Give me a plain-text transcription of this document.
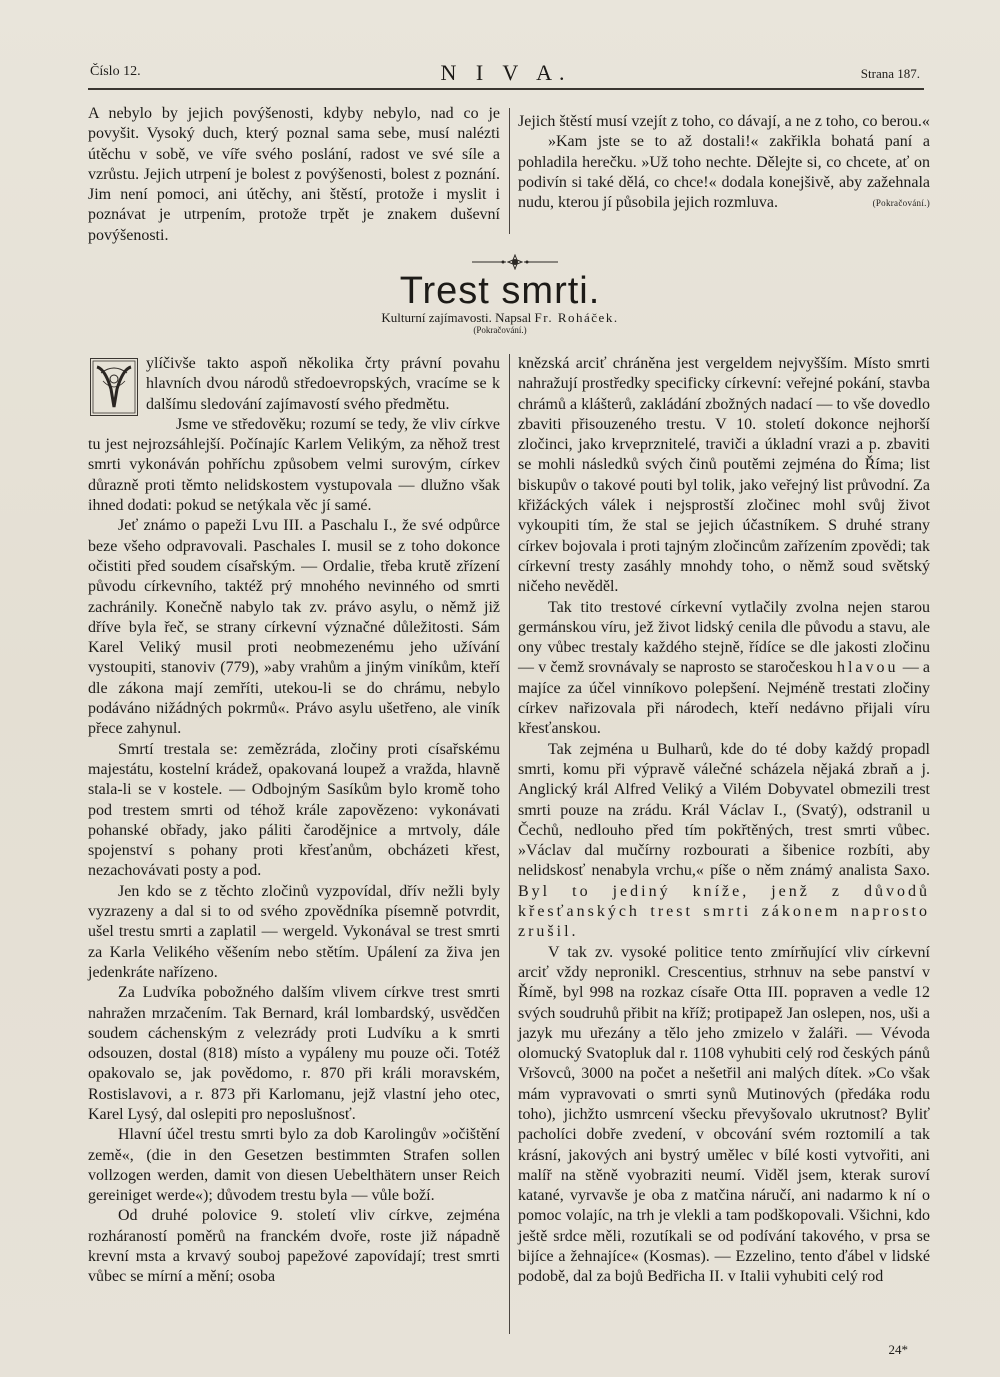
Číslo 12.	N I V A.	Strana 187.

A nebylo by jejich povýšenosti, kdyby nebylo, nad co je povyšit. Vysoký duch, který poznal sama sebe, musí nalézti útěchu v sobě, ve víře svého poslání, radost ve své síle a vzrůstu. Jejich utrpení je bolest z povýšenosti, bolest z poznání. Jim není pomoci, ani útěchy, ani štěstí, protože i myslit i poznávat je utrpením, protože trpět je znakem duševní povýšenosti.

Jejich štěstí musí vzejít z toho, co dávají, a ne z toho, co berou.«

»Kam jste se to až dostali!« zakřikla bohatá paní a pohladila herečku. »Už toho nechte. Dělejte si, co chcete, ať on podivín si také dělá, co chce!« dodala konejšivě, aby zažehnala nudu, kterou jí působila jejich rozmluva.	(Pokračování.)

Trest smrti.
Kulturní zajímavosti. Napsal Fr. Roháček.
(Pokračování.)

ylíčivše takto aspoň několika črty právní povahu hlavních dvou národů středoevropských, vracíme se k dalšímu sledování zajímavostí svého předmětu.

Jsme ve středověku; rozumí se tedy, že vliv církve tu jest nejrozsáhlejší. Počínajíc Karlem Velikým, za něhož trest smrti vykonáván pohříchu způsobem velmi surovým, církev důrazně proti těmto nelidskostem vystupovala — dlužno však ihned dodati: pokud se netýkala věc jí samé.

Jeť známo o papeži Lvu III. a Paschalu I., že své odpůrce beze všeho odpravovali. Paschales I. musil se z toho dokonce očistiti před soudem císařským. — Ordalie, třeba krutě zřízení původu církevního, taktéž prý mnohého nevinného od smrti zachránily. Konečně nabylo tak zv. právo asylu, o němž již dříve byla řeč, se strany církevní význačné důležitosti. Sám Karel Veliký musil proti neobmezenému jeho užívání vystoupiti, stanoviv (779), »aby vrahům a jiným viníkům, kteří dle zákona mají zemříti, utekou-li se do chrámu, nebylo podáváno nižádných pokrmů«. Právo asylu ušetřeno, ale viník přece zahynul.

Smrtí trestala se: zemězráda, zločiny proti císařskému majestátu, kostelní krádež, opakovaná loupež a vražda, hlavně stala-li se v kostele. — Odbojným Sasíkům bylo kromě toho pod trestem smrti od téhož krále zapovězeno: vykonávati pohanské obřady, jako páliti čarodějnice a mrtvoly, dále spojenství s pohany proti křesťanům, obcházeti křest, nezachovávati posty a pod.

Jen kdo se z těchto zločinů vyzpovídal, dřív nežli byly vyzrazeny a dal si to od svého zpovědníka písemně potvrdit, ušel trestu smrti a zaplatil — wergeld. Vykonával se trest smrti za Karla Velikého věšením nebo stětím. Upálení za živa jen jedenkráte nařízeno.

Za Ludvíka pobožného dalším vlivem církve trest smrti nahražen mrzačením. Tak Bernard, král lombardský, usvědčen soudem cáchenským z velezrády proti Ludvíku a k smrti odsouzen, dostal (818) místo a vypáleny mu pouze oči. Totéž opakovalo se, jak povědomo, r. 870 při králi moravském, Rostislavovi, a r. 873 při Karlomanu, jejž vlastní jeho otec, Karel Lysý, dal oslepiti pro neposlušnosť.

Hlavní účel trestu smrti bylo za dob Karolingův »očištění země«, (die in den Gesetzen bestimmten Strafen sollen vollzogen werden, damit von diesen Uebelthätern unser Reich gereiniget werde«); důvodem trestu byla — vůle boží.

Od druhé polovice 9. století vliv církve, zejména rozháraností poměrů na franckém dvoře, roste již nápadně krevní msta a krvavý souboj papežové zapovídají; trest smrti vůbec se mírní a mění; osoba

knězská arciť chráněna jest vergeldem nejvyšším. Místo smrti nahražují prostředky specificky církevní: veřejné pokání, stavba chrámů a klášterů, zakládání zbožných nadací — to vše dovedlo zbaviti přisouzeného trestu. V 10. století dokonce nejhorší zločinci, jako krveprznitelé, traviči a úkladní vrazi a p. zbaviti se mohli následků svých činů poutěmi zejména do Říma; list biskupův o takové pouti byl tolik, jako veřejný list průvodní. Za křižáckých válek i nejsprostší zločinec mohl svůj život vykoupiti tím, že stal se jejich účastníkem. S druhé strany církev bojovala i proti tajným zločincům zařízením zpovědi; tak církevní tresty zasáhly mnohdy toho, o němž soud světský ničeho nevěděl.

Tak tito trestové církevní vytlačily zvolna nejen starou germánskou víru, jež život lidský cenila dle původu a stavu, ale ony vůbec trestaly každého stejně, řídíce se dle jakosti zločinu — v čemž srovnávaly se naprosto se staročeskou hlavou — a majíce za účel vinníkovo polepšení. Nejméně trestati zločiny církev nařizovala při národech, kteří nedávno přijali víru křesťanskou.

Tak zejména u Bulharů, kde do té doby každý propadl smrti, komu při výpravě válečné scházela nějaká zbraň a j. Anglický král Alfred Veliký a Vilém Dobyvatel obmezili trest smrti pouze na zrádu. Král Václav I., (Svatý), odstranil u Čechů, nedlouho před tím pokřtěných, trest smrti vůbec. »Václav dal mučírny rozbourati a šibenice rozbíti, aby nelidskosť nenabyla vrchu,« píše o něm známý analista Saxo. Byl to jediný kníže, jenž z důvodů křesťanských trest smrti zákonem naprosto zrušil.

V tak zv. vysoké politice tento zmírňující vliv církevní arciť vždy nepronikl. Crescentius, strhnuv na sebe panství v Římě, byl 998 na rozkaz císaře Otta III. popraven a vedle 12 svých soudruhů přibit na kříž; protipapež Jan oslepen, nos, uši a jazyk mu uřezány a tělo jeho zmizelo v žaláři. — Vévoda olomucký Svatopluk dal r. 1108 vyhubiti celý rod českých pánů Vršovců, 3000 na počet a nešetřil ani malých dítek. »Co však mám vypravovati o smrti synů Mutinových (předáka rodu toho), jichžto usmrcení všecku převyšovalo ukrutnost? Byliť pacholíci dobře zvedení, v obcování svém roztomilí a tak krásní, jakových ani bystrý umělec v bílé kosti vytvořiti, ani malíř na stěně vyobraziti neumí. Viděl jsem, kterak suroví katané, vyrvavše je oba z matčina náručí, ani nadarmo k ní o pomoc volajíc, na trh je vlekli a tam podškopovali. Všichni, kdo ještě srdce měli, rozutíkali se od podívání takového, v prsa se bijíce a žehnajíce« (Kosmas). — Ezzelino, tento ďábel v lidské podobě, dal za bojů Bedřicha II. v Italii vyhubiti celý rod

24*
